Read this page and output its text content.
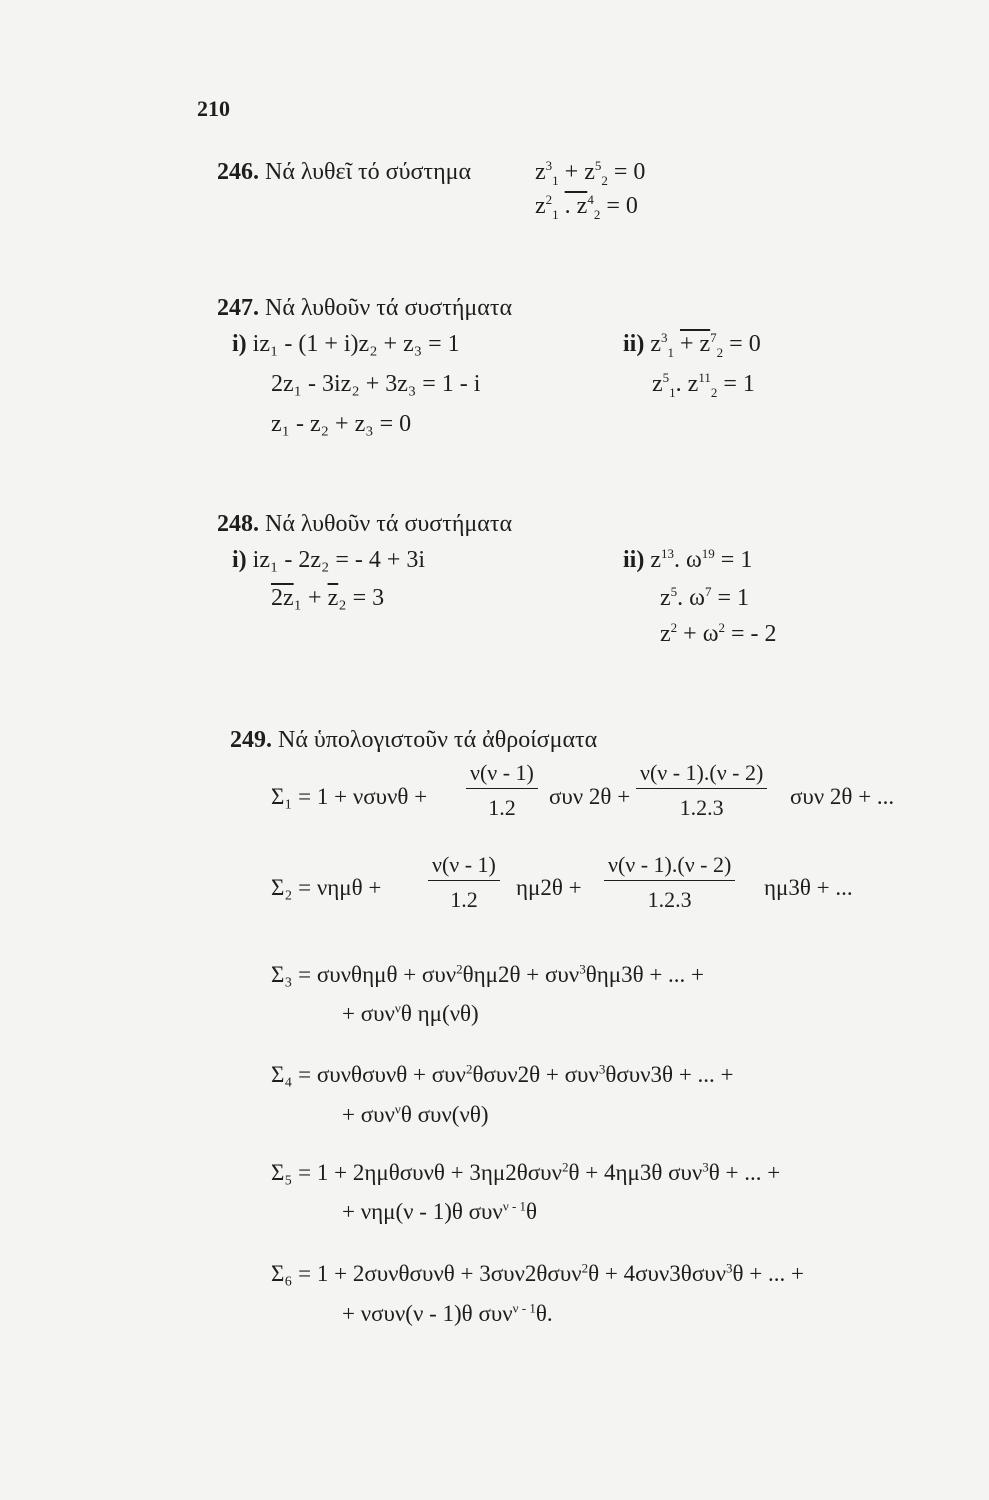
210
246. Νά λυθεῖ τό σύστημα	$z^3_1 + z^5_2 = 0$
$z^2_1$ . $z^4_2 = 0$
247. Νά λυθοῦν τά συστήματα
i) iz₁ - (1 + i)z₂ + z₃ = 1
2z₁ - 3iz₂ + 3z₃ = 1 - i
z₁ - z₂ + z₃ = 0
ii) $z^3_1 + z^7_2 = 0$
$z^5_1$. $z^{11}_2 = 1$
248. Νά λυθοῦν τά συστήματα
i) iz₁ - 2z₂ = - 4 + 3i
$2z_1 + \overline{z}_2 = 3$
ii) $z^{13}$. $\omega^{19} = 1$
$z^5$. $\omega^7 = 1$
$z^2 + \omega^2$ = - 2
249. Νά ὑπολογιστοῦν τά ἀθροίσματα
$\Sigma_1 = 1 + \nu\sigma\upsilon\nu\theta + \frac{\nu(\nu - 1)}{1.2}$ συν $2\theta + \frac{\nu(\nu - 1).(\nu - 2)}{1.2.3}$ συν 2θ + ...
$\Sigma_2 = \nu\eta\mu\theta + \frac{\nu(\nu - 1)}{1.2} \eta\mu 2\theta + \frac{\nu(\nu - 1).(\nu - 2)}{1.2.3} \eta\mu 3\theta$ + ...
Σ₃ = συνθημθ + συν$^2$θημ2θ + συν$^3$θημ3θ + ... +
+ συν$^\nu$θ ημ(νθ)
Σ₄ = συνθσυνθ + συν$^2$θσυν2θ + συν$^3$θσυν3θ + ... +
+ συν$^\nu$θ συν(νθ)
Σ₅ = 1 + 2ημθσυνθ + 3ημ2θσυν$^2$θ + 4ημ3θ συν$^3$θ + ... +
+ νημ(ν - 1)θ συν$^{\nu - 1}$θ
Σ₆ = 1 + 2συνθσυνθ + 3συν2θσυν$^2$θ + 4συν3θσυν$^3$θ + ... +
+ νσυν(ν - 1)θ συν$^{\nu - 1}$θ.
